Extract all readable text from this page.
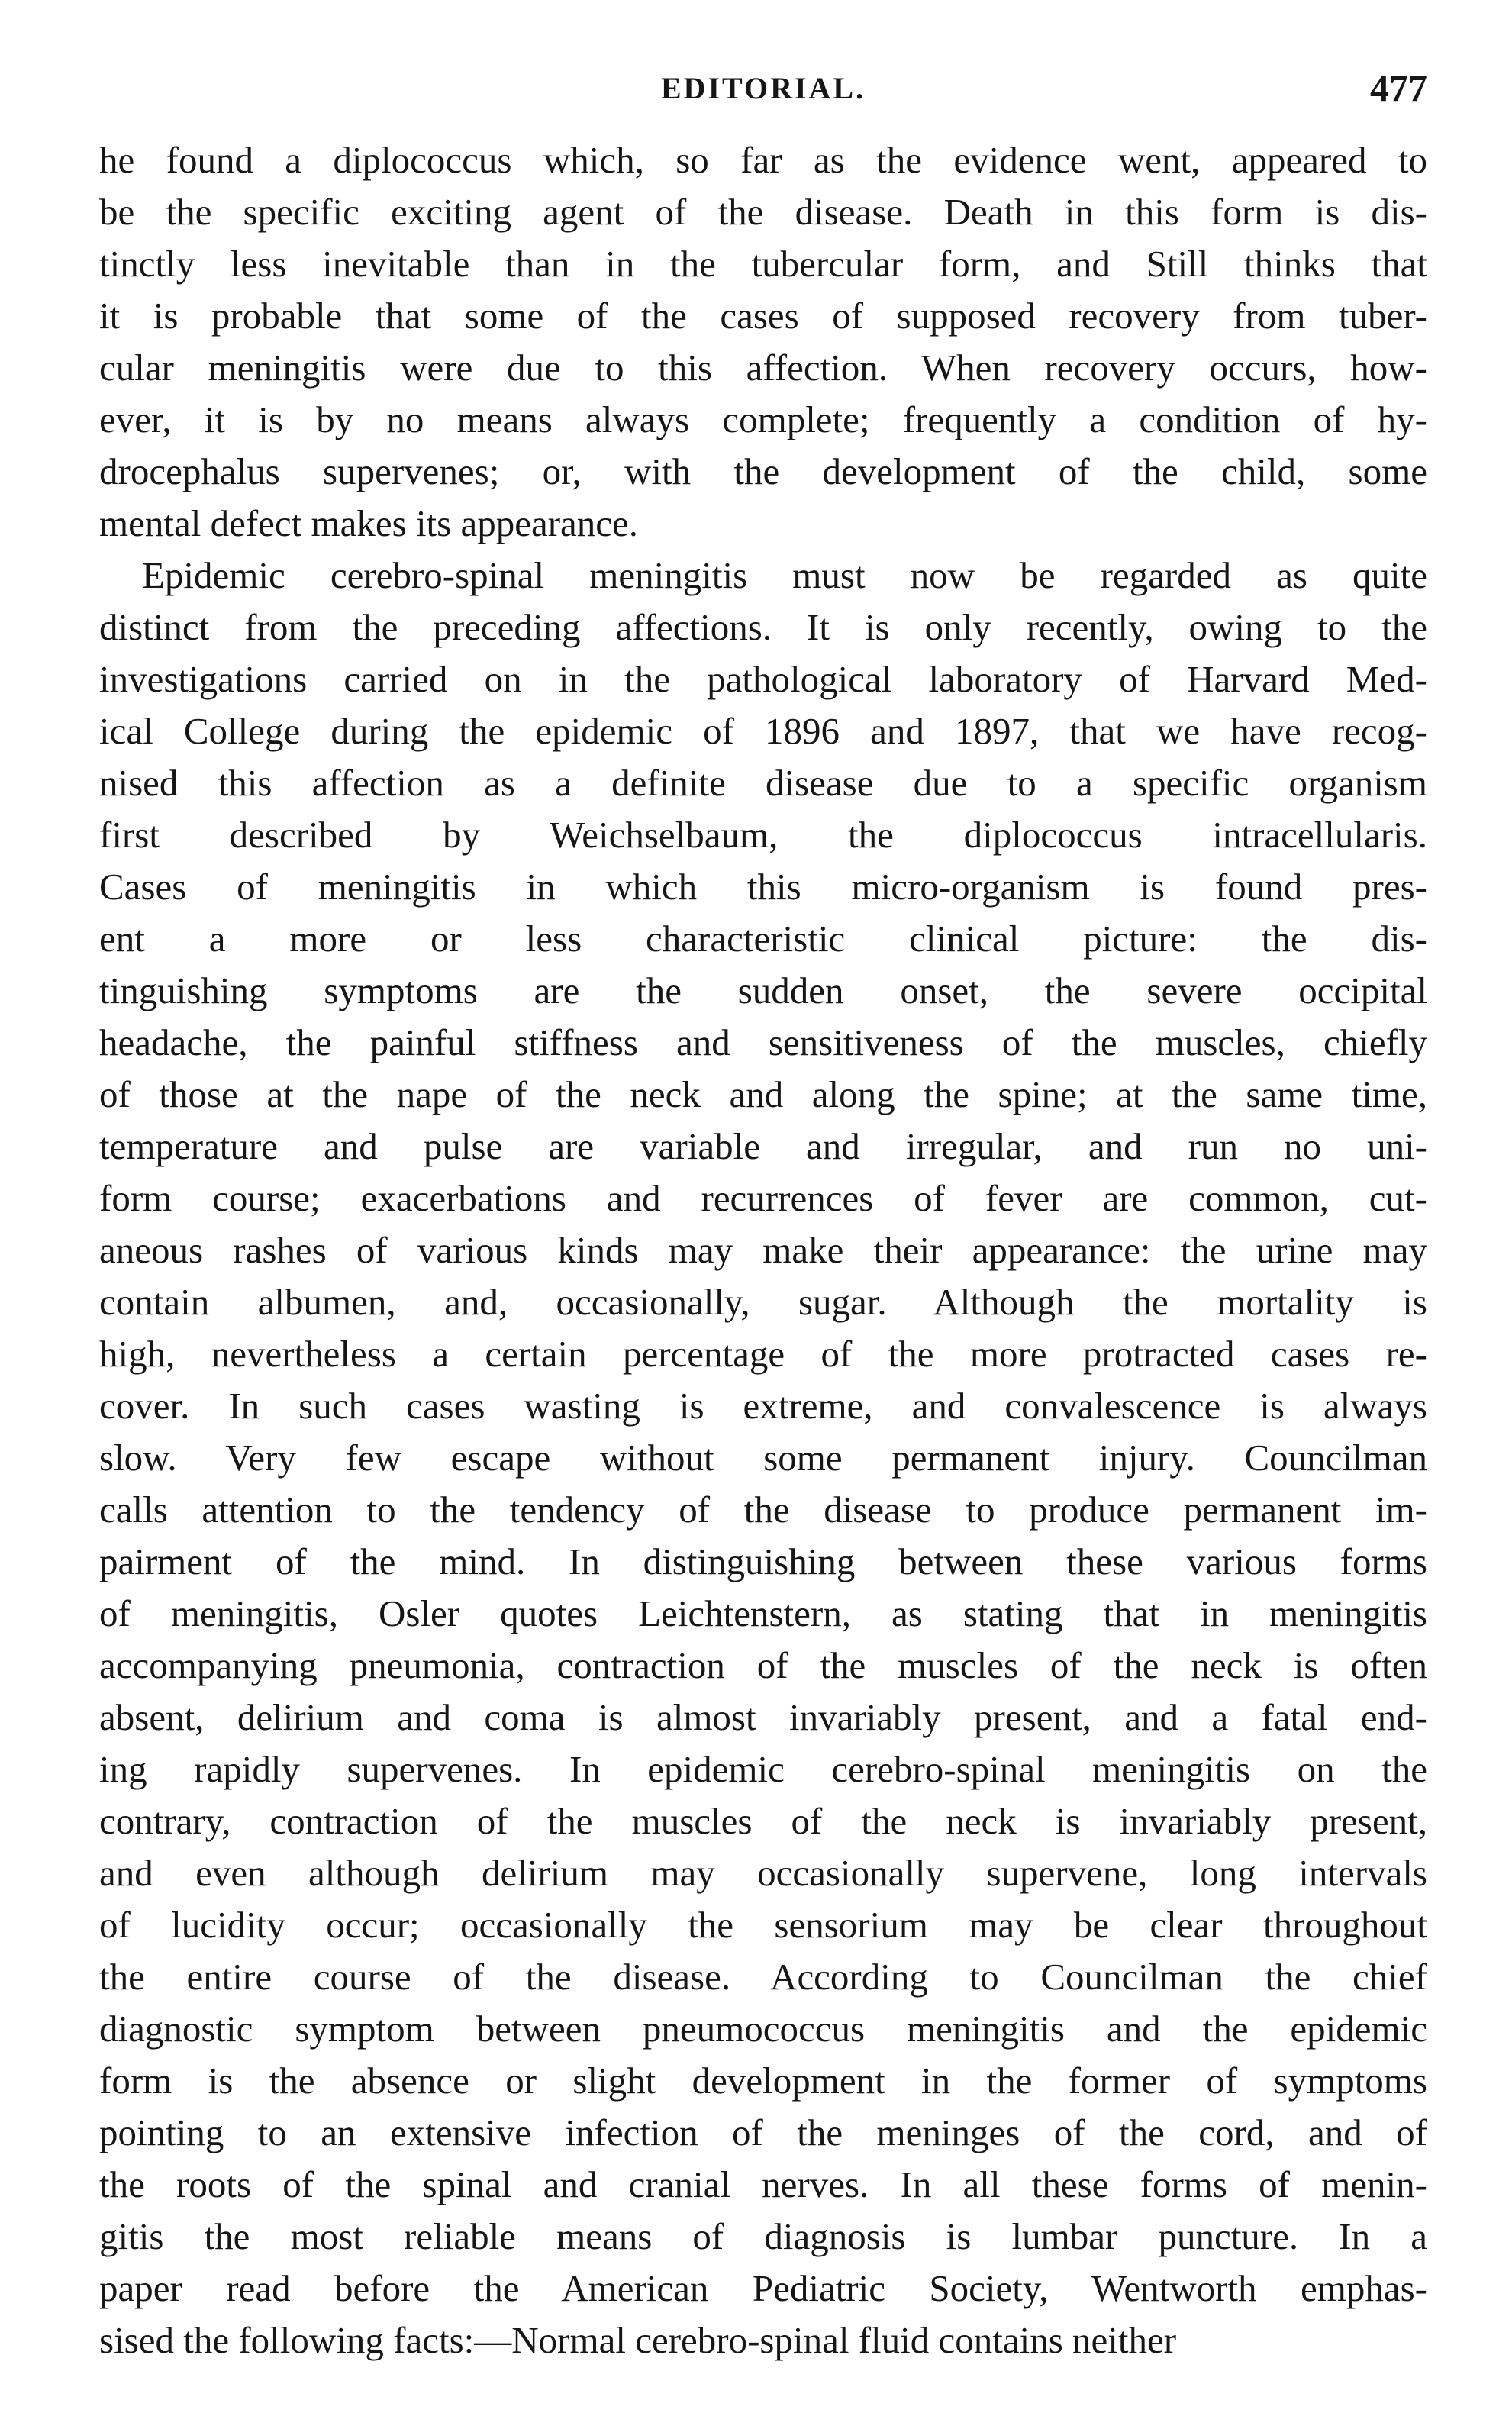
EDITORIAL.	477
he found a diplococcus which, so far as the evidence went, appeared to
be the specific exciting agent of the disease. Death in this form is dis-
tinctly less inevitable than in the tubercular form, and Still thinks that
it is probable that some of the cases of supposed recovery from tuber-
cular meningitis were due to this affection. When recovery occurs, how-
ever, it is by no means always complete; frequently a condition of hy-
drocephalus supervenes; or, with the development of the child, some
mental defect makes its appearance.
Epidemic cerebro-spinal meningitis must now be regarded as quite
distinct from the preceding affections. It is only recently, owing to the
investigations carried on in the pathological laboratory of Harvard Med-
ical College during the epidemic of 1896 and 1897, that we have recog-
nised this affection as a definite disease due to a specific organism
first described by Weichselbaum, the diplococcus intracellularis.
Cases of meningitis in which this micro-organism is found pres-
ent a more or less characteristic clinical picture: the dis-
tinguishing symptoms are the sudden onset, the severe occipital
headache, the painful stiffness and sensitiveness of the muscles, chiefly
of those at the nape of the neck and along the spine; at the same time,
temperature and pulse are variable and irregular, and run no uni-
form course; exacerbations and recurrences of fever are common, cut-
aneous rashes of various kinds may make their appearance: the urine may
contain albumen, and, occasionally, sugar. Although the mortality is
high, nevertheless a certain percentage of the more protracted cases re-
cover. In such cases wasting is extreme, and convalescence is always
slow. Very few escape without some permanent injury. Councilman
calls attention to the tendency of the disease to produce permanent im-
pairment of the mind. In distinguishing between these various forms
of meningitis, Osler quotes Leichtenstern, as stating that in meningitis
accompanying pneumonia, contraction of the muscles of the neck is often
absent, delirium and coma is almost invariably present, and a fatal end-
ing rapidly supervenes. In epidemic cerebro-spinal meningitis on the
contrary, contraction of the muscles of the neck is invariably present,
and even although delirium may occasionally supervene, long intervals
of lucidity occur; occasionally the sensorium may be clear throughout
the entire course of the disease. According to Councilman the chief
diagnostic symptom between pneumococcus meningitis and the epidemic
form is the absence or slight development in the former of symptoms
pointing to an extensive infection of the meninges of the cord, and of
the roots of the spinal and cranial nerves. In all these forms of menin-
gitis the most reliable means of diagnosis is lumbar puncture. In a
paper read before the American Pediatric Society, Wentworth emphas-
sised the following facts:—Normal cerebro-spinal fluid contains neither
